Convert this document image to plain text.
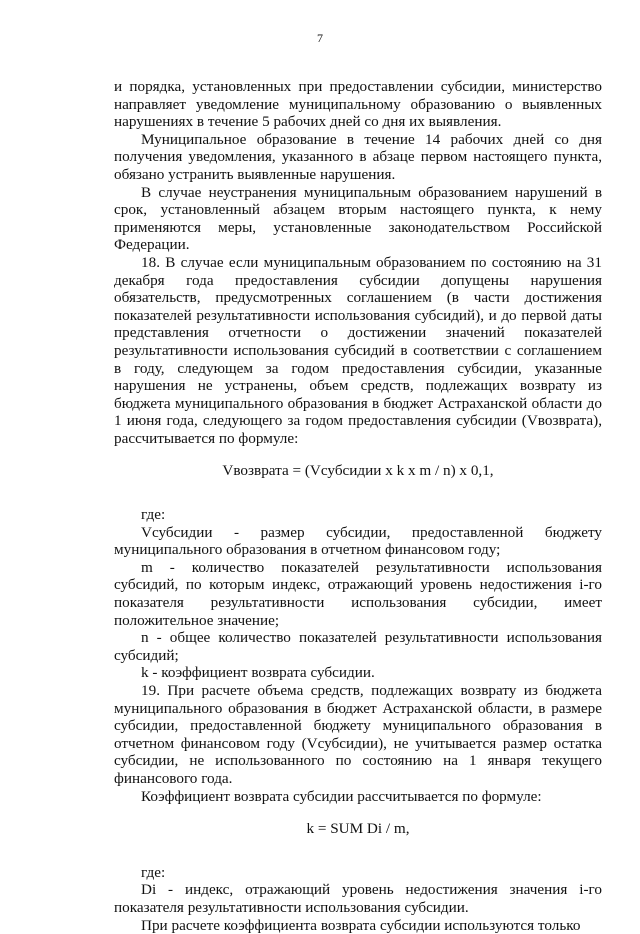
7

и порядка, установленных при предоставлении субсидии, министерство направляет уведомление муниципальному образованию о выявленных нарушениях в течение 5 рабочих дней со дня их выявления.

Муниципальное образование в течение 14 рабочих дней со дня получения уведомления, указанного в абзаце первом настоящего пункта, обязано устранить выявленные нарушения.

В случае неустранения муниципальным образованием нарушений в срок, установленный абзацем вторым настоящего пункта, к нему применяются меры, установленные законодательством Российской Федерации.

18. В случае если муниципальным образованием по состоянию на 31 декабря года предоставления субсидии допущены нарушения обязательств, предусмотренных соглашением (в части достижения показателей результативности использования субсидий), и до первой даты представления отчетности о достижении значений показателей результативности использования субсидий в соответствии с соглашением в году, следующем за годом предоставления субсидии, указанные нарушения не устранены, объем средств, подлежащих возврату из бюджета муниципального образования в бюджет Астраханской области до 1 июня года, следующего за годом предоставления субсидии (Vвозврата), рассчитывается по формуле:

Vвозврата = (Vсубсидии x k x m / n) x 0,1,

где:

Vсубсидии - размер субсидии, предоставленной бюджету муниципального образования в отчетном финансовом году;

m - количество показателей результативности использования субсидий, по которым индекс, отражающий уровень недостижения i-го показателя результативности использования субсидии, имеет положительное значение;

n - общее количество показателей результативности использования субсидий;

k - коэффициент возврата субсидии.

19. При расчете объема средств, подлежащих возврату из бюджета муниципального образования в бюджет Астраханской области, в размере субсидии, предоставленной бюджету муниципального образования в отчетном финансовом году (Vсубсидии), не учитывается размер остатка субсидии, не использованного по состоянию на 1 января текущего финансового года.

Коэффициент возврата субсидии рассчитывается по формуле:

k = SUM Di / m,

где:

Di - индекс, отражающий уровень недостижения значения i-го показателя результативности использования субсидии.

При расчете коэффициента возврата субсидии используются только
